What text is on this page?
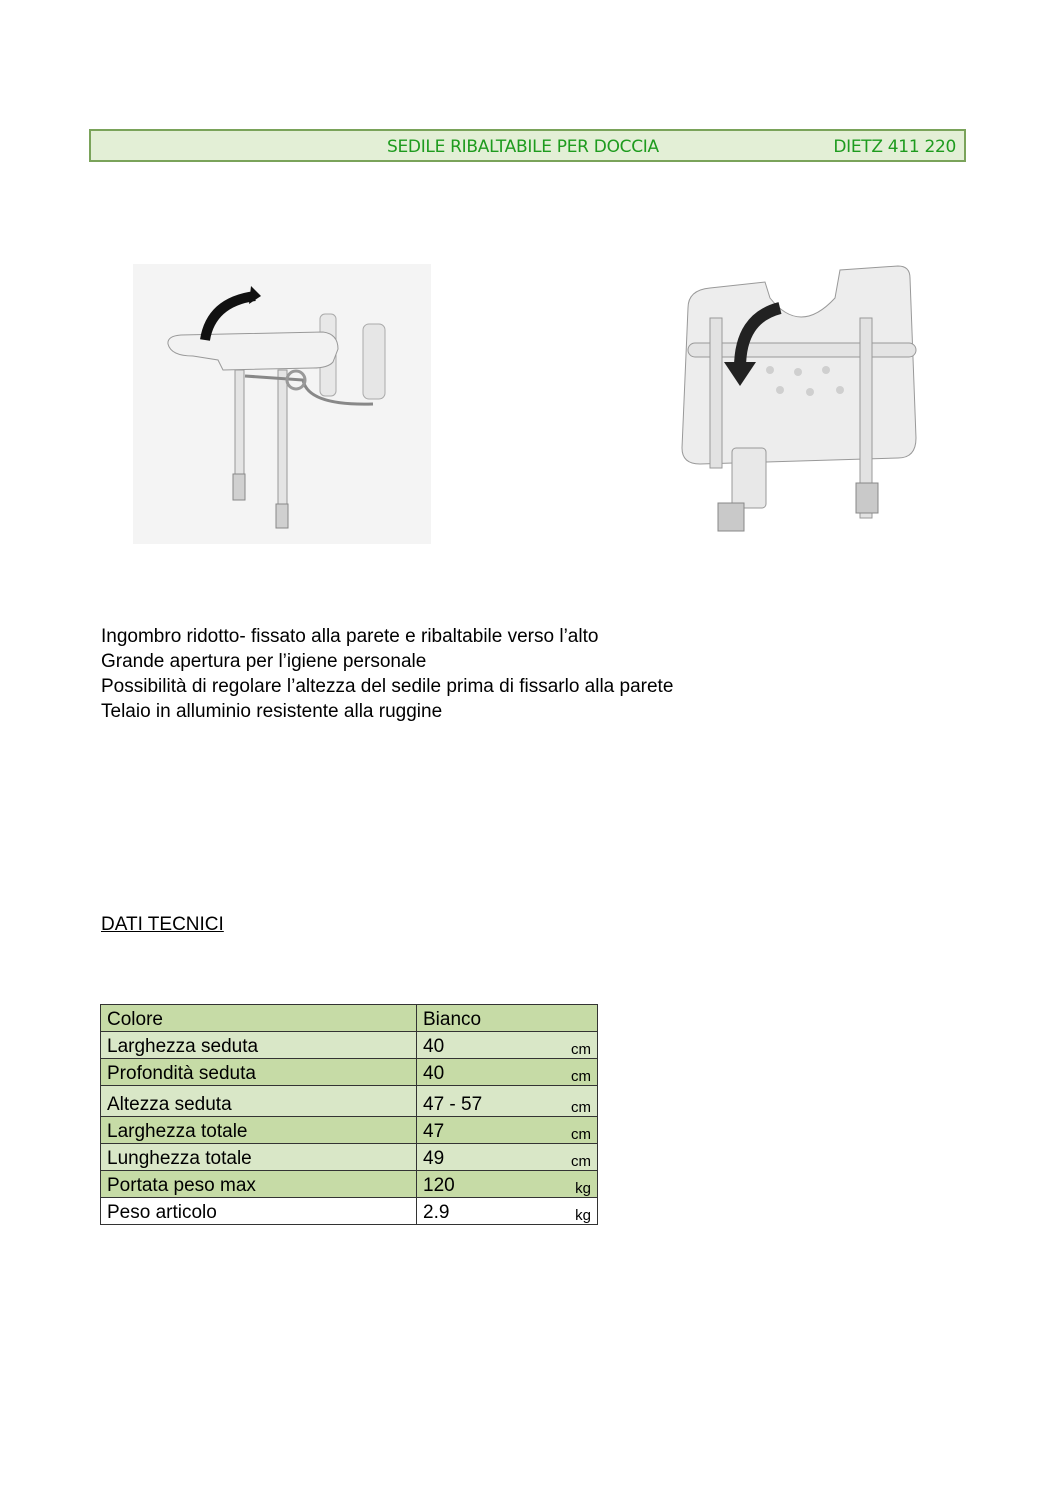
SEDILE RIBALTABILE PER DOCCIA	DIETZ 411 220
Ingombro ridotto- fissato alla parete e ribaltabile verso l’alto
Grande apertura per l’igiene personale
Possibilità di regolare l’altezza del sedile prima di fissarlo alla parete
Telaio in alluminio resistente alla ruggine
DATI TECNICI
Colore	Bianco	
Larghezza seduta	40	cm
Profondità seduta	40	cm
Altezza seduta	47 - 57	cm
Larghezza totale	47	cm
Lunghezza totale	49	cm
Portata peso max	120	kg
Peso articolo	2.9	kg
